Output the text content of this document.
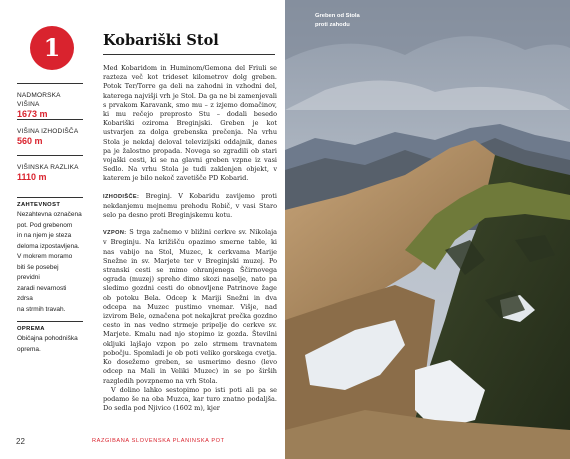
1
NADMORSKA VIŠINA
1673 m
VIŠINA IZHODIŠČA
560 m
VIŠINSKA RAZLIKA
1110 m
ZAHTEVNOST
Nezahtevna označena
pot. Pod grebenom
in na njem je steza
deloma izpostavljena.
V mokrem moramo
biti še posebej previdni
zaradi nevarnosti zdrsa
na strmih travah.
OPREMA
Običajna pohodniška
oprema.
Kobariški Stol

Med Kobaridom in Huminom/Gemona del Friuli se razteza več kot trideset kilometrov dolg greben. Potok Ter/Torre ga deli na zahodni in vzhodni del, katerega najvišji vrh je Stol. Da ga ne bi zamenjevali s prvakom Karavank, smo mu – z izjemo domačinov, ki mu rečejo preprosto Stu – dodali besedo Kobariški oziroma Breginjski. Greben je kot ustvarjen za dolga grebenska prečenja. Na vrhu Stola je nekdaj deloval televizijski oddajnik, danes pa je žalostno propada. Novega so zgradili ob stari vojaški cesti, ki se na glavni greben vzpne iz vasi Sedlo. Na vrhu Stola je tudi zaklenjen objekt, v katerem je bilo nekoč zavetišče PD Kobarid.

IZHODIŠČE: Breginj. V Kobaridu zavijemo proti nekdanjemu mejnemu prehodu Robič, v vasi Staro selo pa desno proti Breginjskemu kotu.

VZPON: S trga začnemo v bližini cerkve sv. Nikolaja v Breginju. Na križišču opazimo smerne table, ki nas vabijo na Stol, Muzec, k cerkvama Marije Snežne in sv. Marjete ter v Breginjski muzej. Po stranski cesti se mimo ohranjenega Ščirnovega ograda (muzej) spreho dimo skozi naselje, nato pa sledimo gozdni cesti do obnovljene Patrinove žage ob potoku Bela. Odcep k Mariji Snežni in dva odcepa na Muzec pustimo vnemar. Višje, nad izvirom Bele, označena pot nekajkrat prečka gozdno cesto in nas vedno strmeje pripelje do cerkve sv. Marjete. Kmalu nad njo stopimo iz gozda. Številni okljuki lajšajo vzpon po zelo strmem travnatem pobočju. Spomladi je ob poti veliko gorskega cvetja. Ko dosežemo greben, se usmerimo desno (levo odcep na Mali in Veliki Muzec) in se po širših razgledih povzpnemo na vrh Stola.

V dolino lahko sestopimo po isti poti ali pa se podamo še na oba Muzca, kar turo znatno podaljša. Do sedla pod Njivico (1602 m), kjer

22	RAZGIBANA SLOVENSKA PLANINSKA POT
Greben od Stola
proti zahodu
